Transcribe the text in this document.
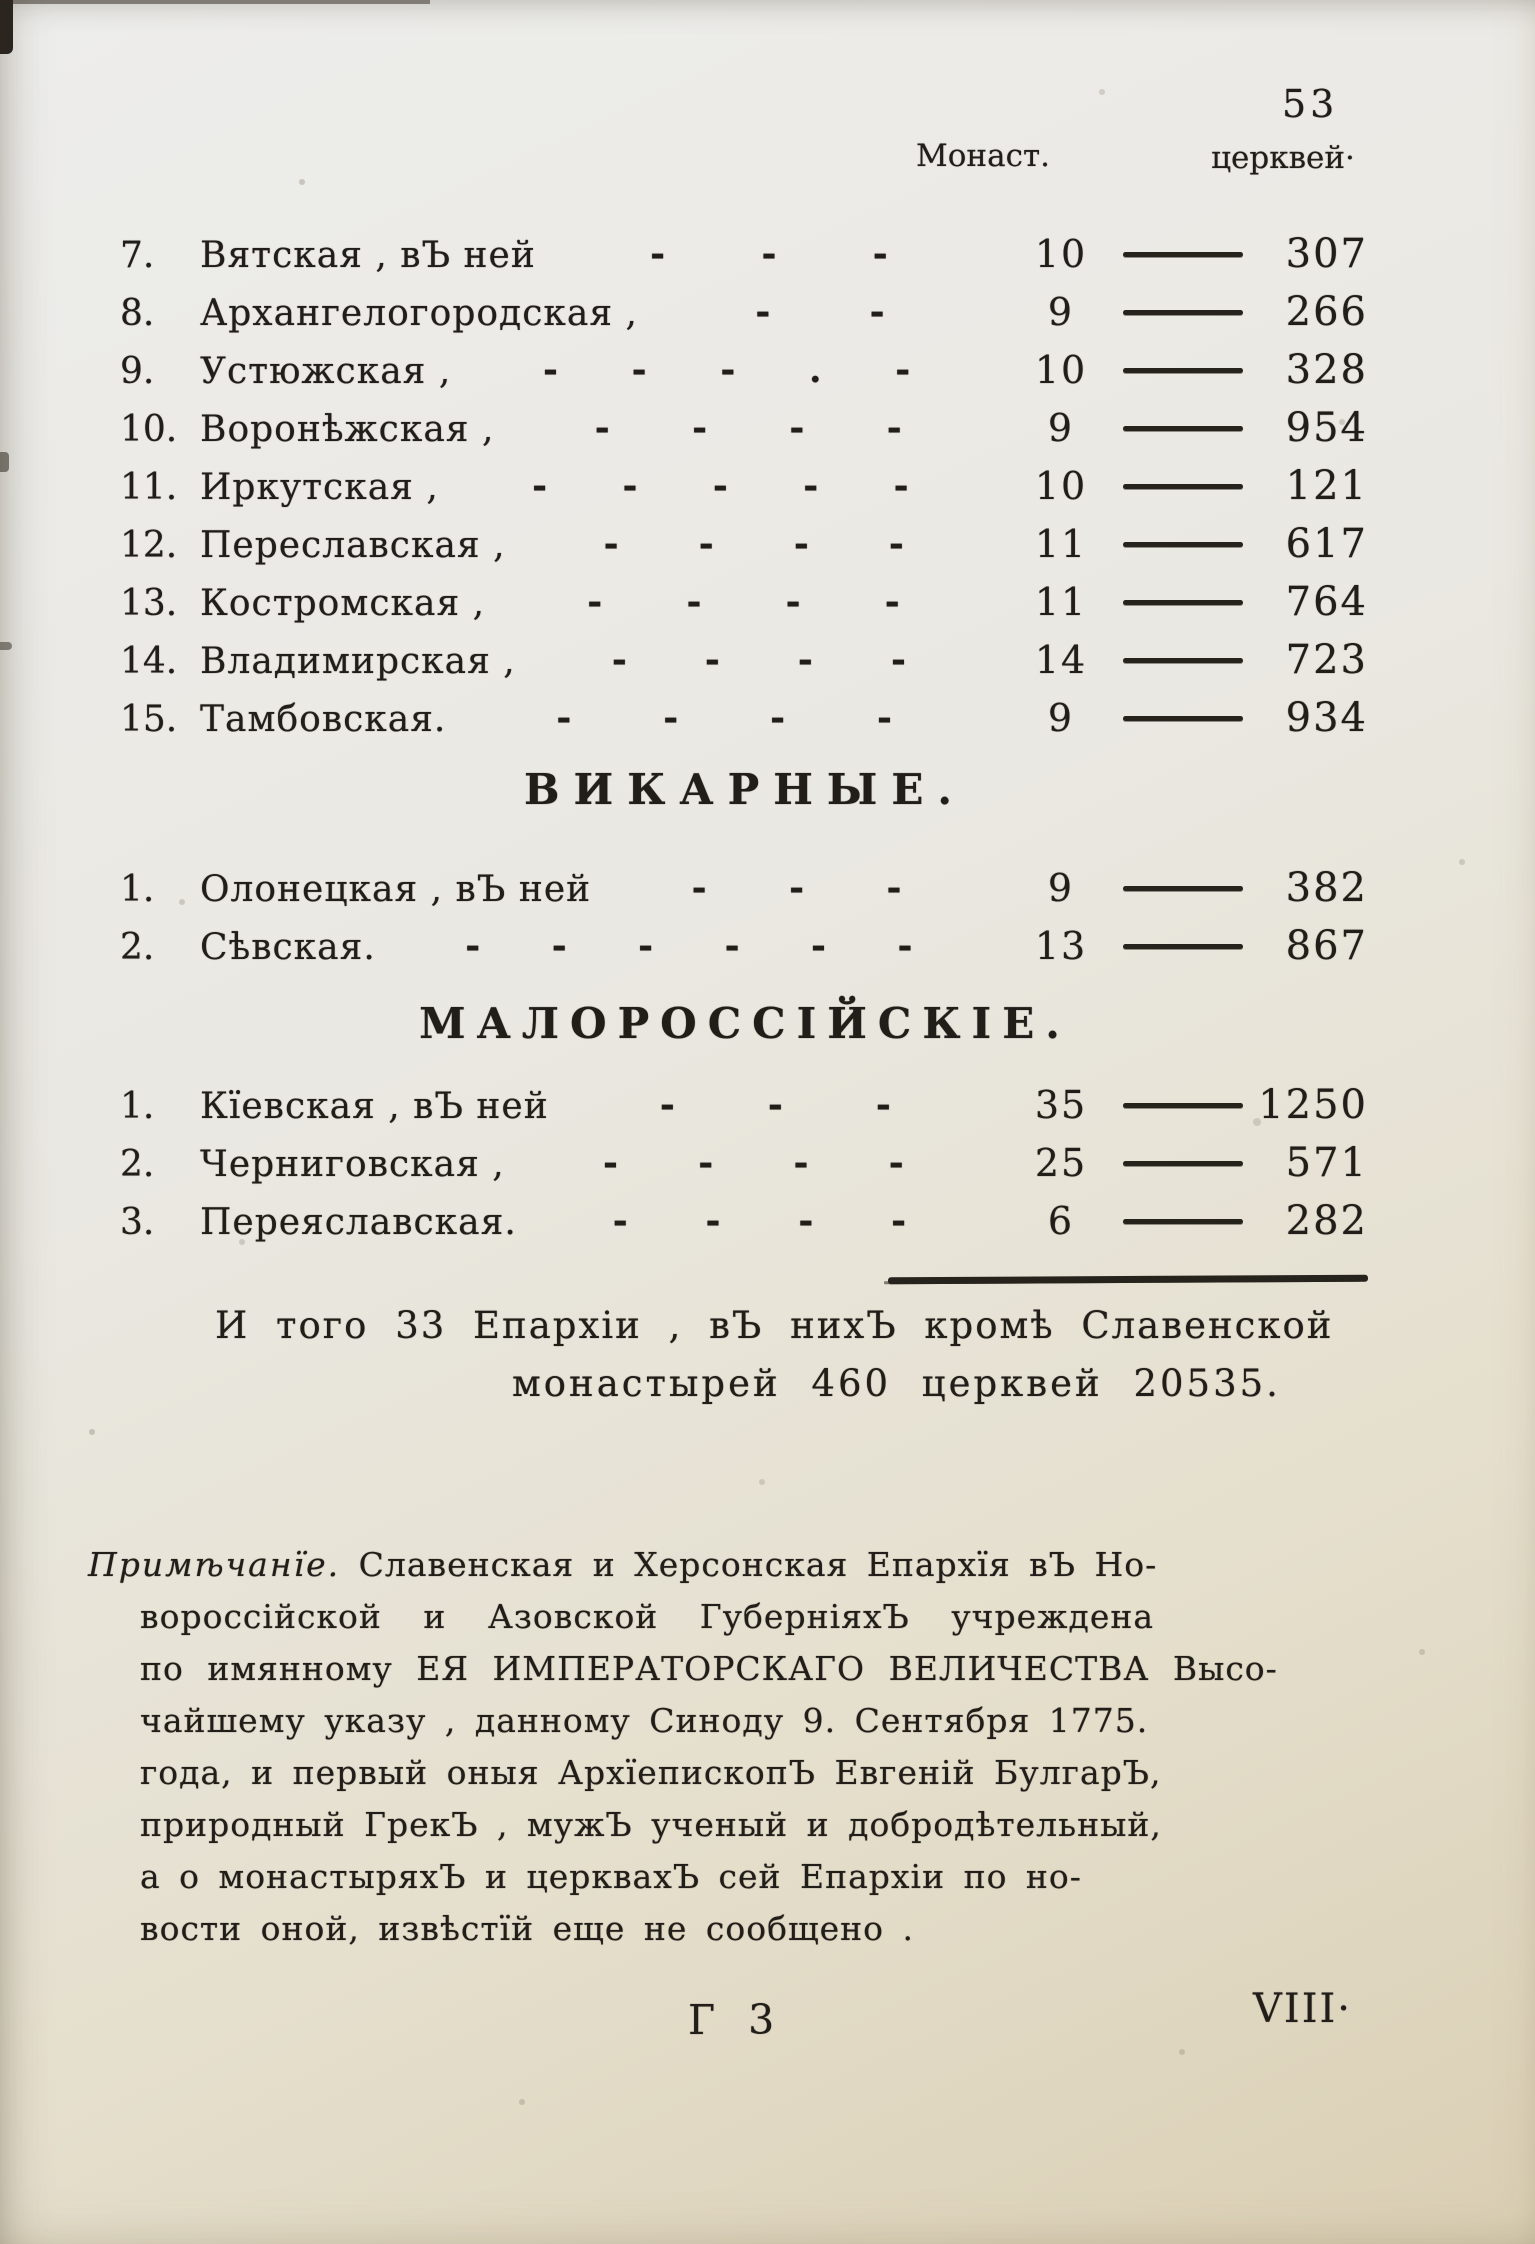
53
Монаст.	церквей·
7.	Вятская , вЪ ней	-	-	-	10	307
8.	Архангелогородская ,	-	-	9	266
9.	Устюжская ,	- - - . -	10	328
10. Воронѣжская ,	- - - -	9	954
11. Иркутская ,	- - - - -	10	121
12. Переславская ,	- - - -	11	617
13. Костромская ,	- - - -	11	764
14. Владимирская ,	- - - -	14	723
15. Тамбовская.	-	-	-	-	9	934
ВИКАРНЫЕ.
1.	Олонецкая , вЪ ней	- - -	9	382
2.	Сѣвская. - - - - - -	13	867
МАЛОРОССІЙСКІЕ.
1.	Кїевская , вЪ ней	-	-	-	35	1250
2.	Черниговская ,	- - - -	25	571
3.	Переяславская.	- - - -	6	282
И того 33 Епархіи , вЪ нихЪ кромѣ Славенской
монастырей 460 церквей 20535.

Примѣчанїе. Славенская и Херсонская Епархїя вЪ Но-

вороссійской и Азовской ГуберніяхЪ учреждена

по имянному ЕЯ ИМПЕРАТОРСКАГО ВЕЛИЧЕСТВА Высо-

чайшему указу , данному Синоду 9. Сентября 1775.

года, и первый оныя АрхїепископЪ Евгеній БулгарЪ,

природный ГрекЪ , мужЪ ученый и добродѣтельный,

а о монастыряхЪ и церквахЪ сей Епархіи по но-

вости оной, извѣстїй еще не сообщено .

Г 3	VIII·
